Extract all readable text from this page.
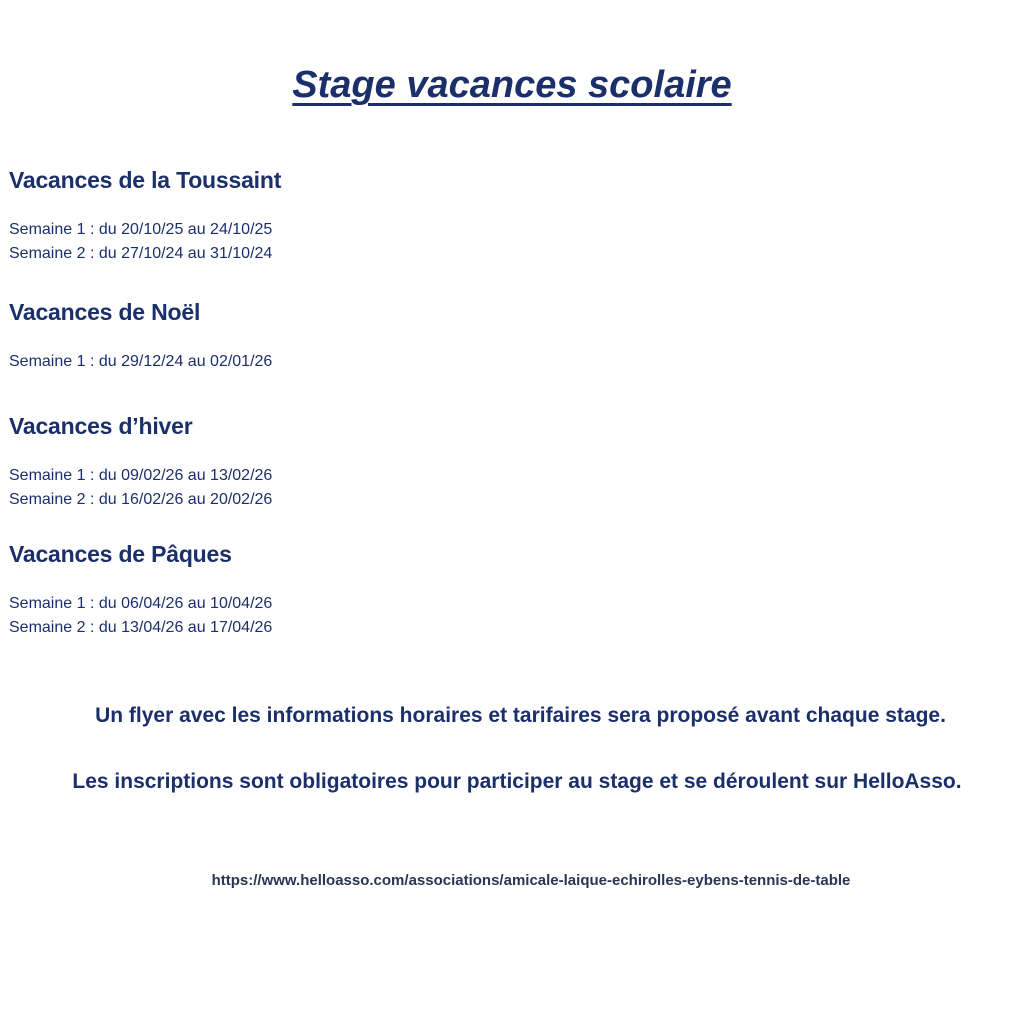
Stage vacances scolaire
Vacances de la Toussaint

Semaine 1 : du 20/10/25 au 24/10/25

Semaine 2 : du 27/10/24 au 31/10/24

Vacances de Noël

Semaine 1 : du 29/12/24 au 02/01/26

Vacances d’hiver

Semaine 1 : du 09/02/26 au 13/02/26

Semaine 2 : du 16/02/26 au 20/02/26

Vacances de Pâques

Semaine 1 : du 06/04/26 au 10/04/26

Semaine 2 : du 13/04/26 au 17/04/26

Un flyer avec les informations horaires et tarifaires sera proposé avant chaque stage.

Les inscriptions sont obligatoires pour participer au stage et se déroulent sur HelloAsso.

https://www.helloasso.com/associations/amicale-laique-echirolles-eybens-tennis-de-table
